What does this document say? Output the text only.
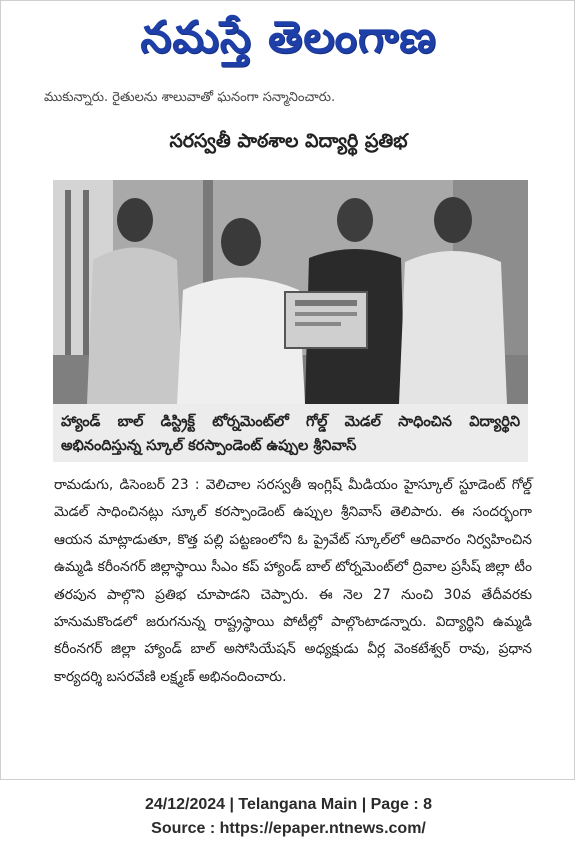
నమస్తే తెలంగాణ
ముకున్నారు. రైతులను శాలువాతో ఘనంగా సన్మానించారు.
సరస్వతీ పాఠశాల విద్యార్థి ప్రతిభ
హ్యాండ్ బాల్ డిస్ట్రిక్ట్ టోర్నమెంట్‌లో గోల్డ్ మెడల్ సాధించిన విద్యార్థిని అభినందిస్తున్న స్కూల్ కరస్పాండెంట్ ఉప్పుల శ్రీనివాస్
రామడుగు, డిసెంబర్ 23 : వెలిచాల సరస్వతీ ఇంగ్లిష్ మీడియం హైస్కూల్ స్టూడెంట్ గోల్డ్ మెడల్ సాధించినట్లు స్కూల్ కరస్పాండెంట్ ఉప్పుల శ్రీనివాస్ తెలిపారు. ఈ సందర్భంగా ఆయన మాట్లాడుతూ, కొత్త పల్లి పట్టణంలోని ఓ ప్రైవేట్ స్కూల్‌లో ఆదివారం నిర్వహించిన ఉమ్మడి కరీంనగర్ జిల్లాస్థాయి సీఎం కప్ హ్యాండ్ బాల్ టోర్నమెంట్‌లో ద్రివాల ప్రసీష్ జిల్లా టీం తరపున పాల్గొని ప్రతిభ చూపాడని చెప్పారు. ఈ నెల 27 నుంచి 30వ తేదీవరకు హనుమకొండలో జరుగనున్న రాష్ట్రస్థాయి పోటీల్లో పాల్గొంటాడన్నారు. విద్యార్థిని ఉమ్మడి కరీంనగర్ జిల్లా హ్యాండ్ బాల్ అసోసియేషన్ అధ్యక్షుడు వీర్ల వెంకటేశ్వర్ రావు, ప్రధాన కార్యదర్శి బసరవేణి లక్ష్మణ్ అభినందించారు.
24/12/2024 | Telangana Main | Page : 8
Source : https://epaper.ntnews.com/
